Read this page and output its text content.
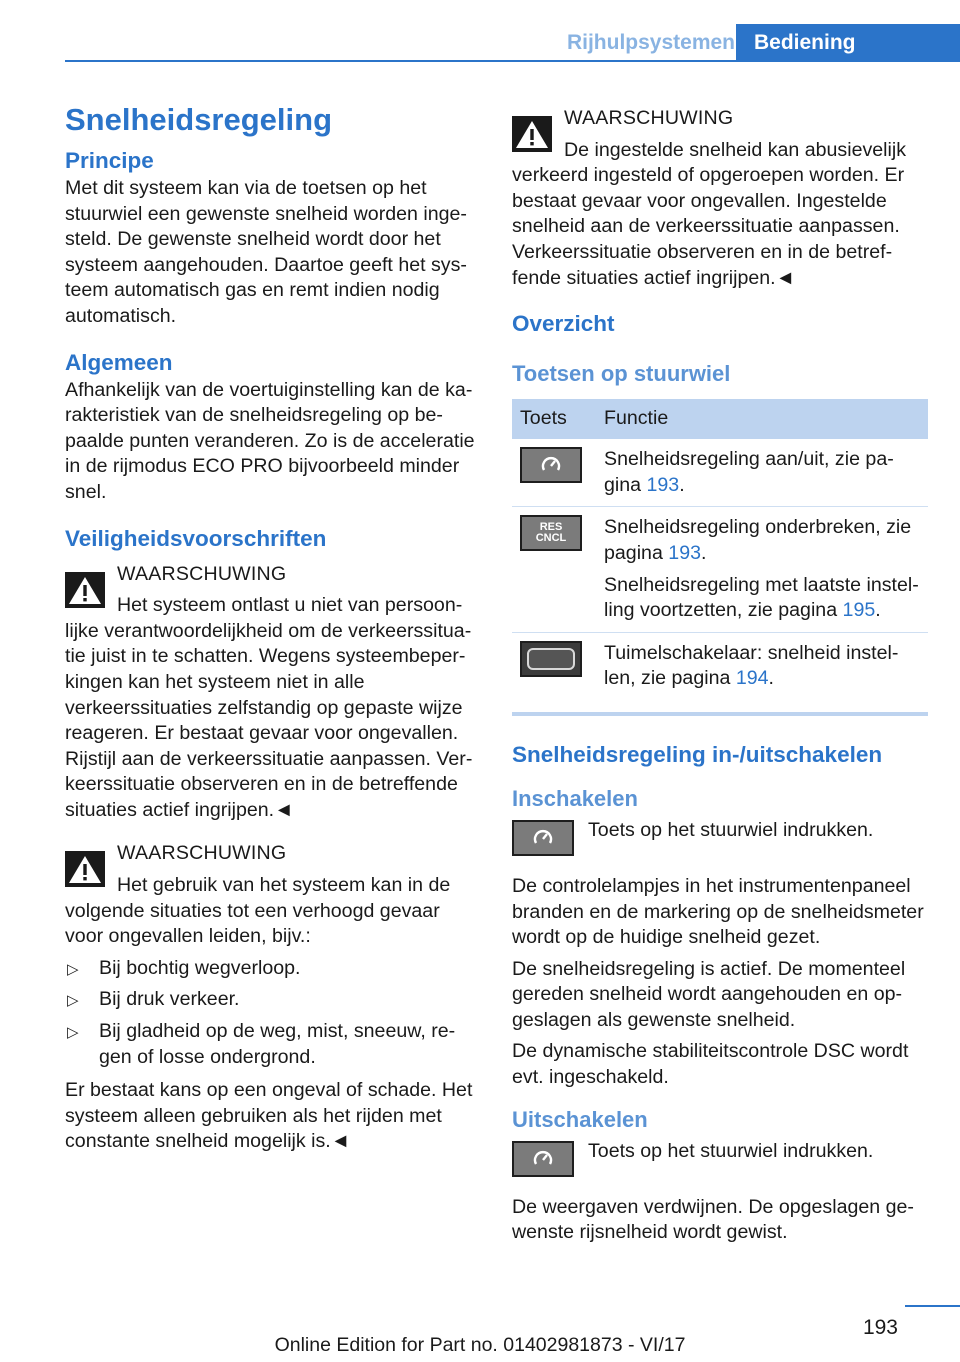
Rijhulpsystemen Bediening
Snelheidsregeling
Principe

Met dit systeem kan via de toetsen op het stuurwiel een gewenste snelheid worden ingesteld. De gewenste snelheid wordt door het systeem aangehouden. Daartoe geeft het systeem automatisch gas en remt indien nodig automatisch.

Algemeen

Afhankelijk van de voertuiginstelling kan de karakteristiek van de snelheidsregeling op bepaalde punten veranderen. Zo is de acceleratie in de rijmodus ECO PRO bijvoorbeeld minder snel.

Veiligheidsvoorschriften
WAARSCHUWING

Het systeem ontlast u niet van persoonlijke verantwoordelijkheid om de verkeerssituatie juist in te schatten. Wegens systeembeperkingen kan het systeem niet in alle verkeerssituaties zelfstandig op gepaste wijze reageren. Er bestaat gevaar voor ongevallen. Rijstijl aan de verkeerssituatie aanpassen. Verkeerssituatie observeren en in de betreffende situaties actief ingrijpen.◄

WAARSCHUWING

Het gebruik van het systeem kan in de volgende situaties tot een verhoogd gevaar voor ongevallen leiden, bijv.:

▷ Bij bochtig wegverloop.
▷ Bij druk verkeer.
▷ Bij gladheid op de weg, mist, sneeuw, regen of losse ondergrond.

Er bestaat kans op een ongeval of schade. Het systeem alleen gebruiken als het rijden met constante snelheid mogelijk is.◄

WAARSCHUWING

De ingestelde snelheid kan abusievelijk verkeerd ingesteld of opgeroepen worden. Er bestaat gevaar voor ongevallen. Ingestelde snelheid aan de verkeerssituatie aanpassen. Verkeerssituatie observeren en in de betreffende situaties actief ingrijpen.◄

Overzicht
Toetsen op stuurwiel
Toets	Functie

	Snelheidsregeling aan/uit, zie pagina 193.

RES CNCL	Snelheidsregeling onderbreken, zie pagina 193.

Snelheidsregeling met laatste instelling voortzetten, zie pagina 195.

	Tuimelschakelaar: snelheid instellen, zie pagina 194.
Snelheidsregeling in-/uitschakelen
Inschakelen

Toets op het stuurwiel indrukken.

De controlelampjes in het instrumentenpaneel branden en de markering op de snelheidsmeter wordt op de huidige snelheid gezet.

De snelheidsregeling is actief. De momenteel gereden snelheid wordt aangehouden en opgeslagen als gewenste snelheid.

De dynamische stabiliteitscontrole DSC wordt evt. ingeschakeld.

Uitschakelen

Toets op het stuurwiel indrukken.

De weergaven verdwijnen. De opgeslagen gewenste rijsnelheid wordt gewist.

193
Online Edition for Part no. 01402981873 - VI/17
